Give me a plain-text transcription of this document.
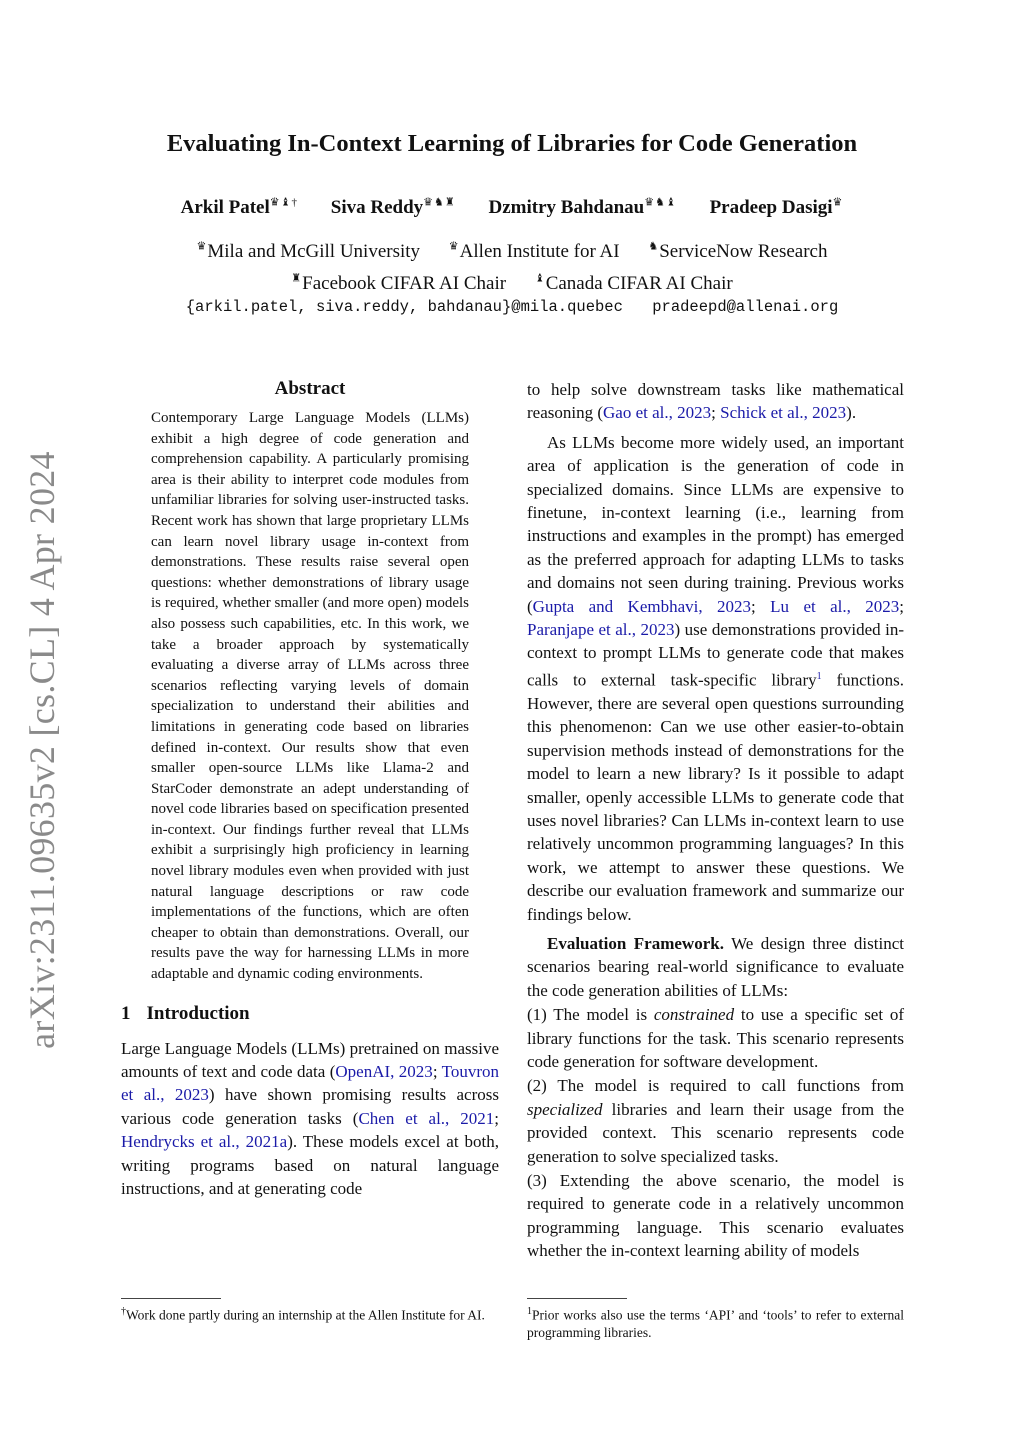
arXiv:2311.09635v2 [cs.CL] 4 Apr 2024
Evaluating In-Context Learning of Libraries for Code Generation
Arkil Patel♛♝† Siva Reddy♛♞♜ Dzmitry Bahdanau♛♞♝ Pradeep Dasigi♛
♛Mila and McGill University	♛Allen Institute for AI	♞ServiceNow Research
♜Facebook CIFAR AI Chair	♝Canada CIFAR AI Chair
{arkil.patel, siva.reddy, bahdanau}@mila.quebec pradeepd@allenai.org
Abstract

Contemporary Large Language Models (LLMs) exhibit a high degree of code generation and comprehension capability. A particularly promising area is their ability to interpret code modules from unfamiliar libraries for solving user-instructed tasks. Recent work has shown that large proprietary LLMs can learn novel library usage in-context from demonstrations. These results raise several open questions: whether demonstrations of library usage is required, whether smaller (and more open) models also possess such capabilities, etc. In this work, we take a broader approach by systematically evaluating a diverse array of LLMs across three scenarios reflecting varying levels of domain specialization to understand their abilities and limitations in generating code based on libraries defined in-context. Our results show that even smaller open-source LLMs like Llama-2 and StarCoder demonstrate an adept understanding of novel code libraries based on specification presented in-context. Our findings further reveal that LLMs exhibit a surprisingly high proficiency in learning novel library modules even when provided with just natural language descriptions or raw code implementations of the functions, which are often cheaper to obtain than demonstrations. Overall, our results pave the way for harnessing LLMs in more adaptable and dynamic coding environments.

1 Introduction

Large Language Models (LLMs) pretrained on massive amounts of text and code data (OpenAI, 2023; Touvron et al., 2023) have shown promising results across various code generation tasks (Chen et al., 2021; Hendrycks et al., 2021a). These models excel at both, writing programs based on natural language instructions, and at generating code

†Work done partly during an internship at the Allen Institute for AI.

to help solve downstream tasks like mathematical reasoning (Gao et al., 2023; Schick et al., 2023).

As LLMs become more widely used, an important area of application is the generation of code in specialized domains. Since LLMs are expensive to finetune, in-context learning (i.e., learning from instructions and examples in the prompt) has emerged as the preferred approach for adapting LLMs to tasks and domains not seen during training. Previous works (Gupta and Kembhavi, 2023; Lu et al., 2023; Paranjape et al., 2023) use demonstrations provided in-context to prompt LLMs to generate code that makes calls to external task-specific library$^1$ functions. However, there are several open questions surrounding this phenomenon: Can we use other easier-to-obtain supervision methods instead of demonstrations for the model to learn a new library? Is it possible to adapt smaller, openly accessible LLMs to generate code that uses novel libraries? Can LLMs in-context learn to use relatively uncommon programming languages? In this work, we attempt to answer these questions. We describe our evaluation framework and summarize our findings below.

Evaluation Framework. We design three distinct scenarios bearing real-world significance to evaluate the code generation abilities of LLMs:

(1) The model is constrained to use a specific set of library functions for the task. This scenario represents code generation for software development.

(2) The model is required to call functions from specialized libraries and learn their usage from the provided context. This scenario represents code generation to solve specialized tasks.

(3) Extending the above scenario, the model is required to generate code in a relatively uncommon programming language. This scenario evaluates whether the in-context learning ability of models

$^1$Prior works also use the terms ‘API’ and ‘tools’ to refer to external programming libraries.
